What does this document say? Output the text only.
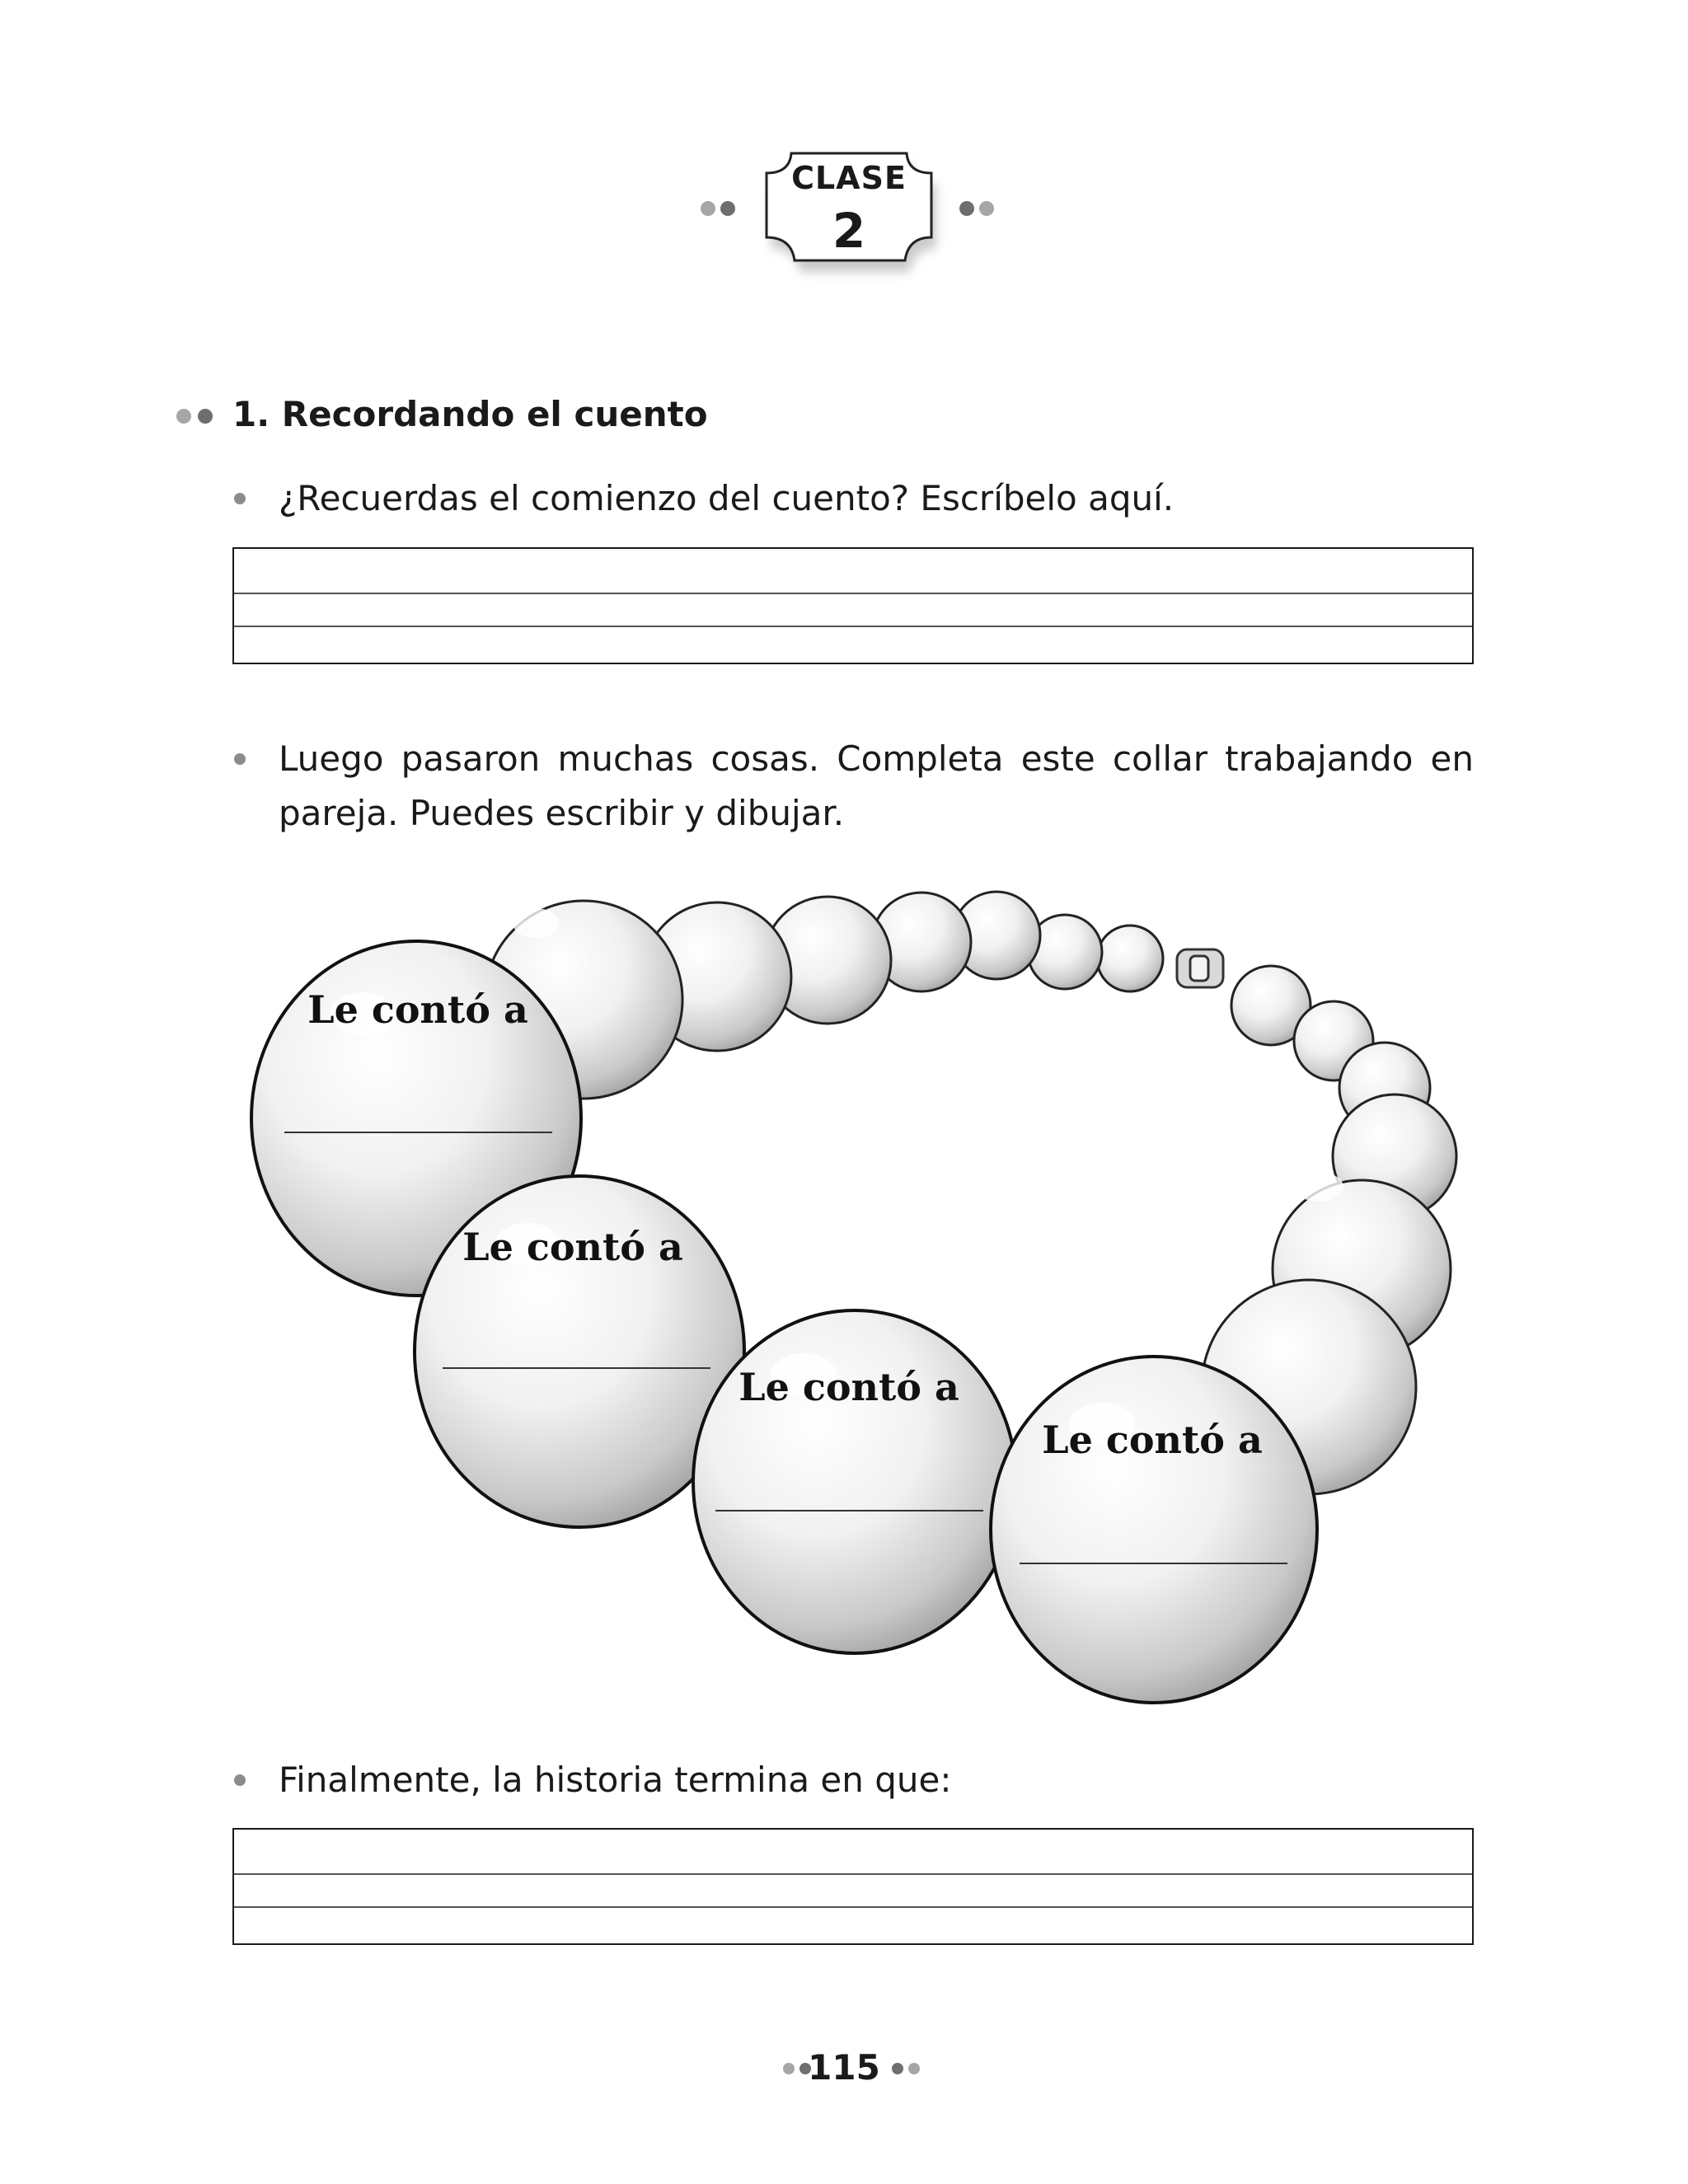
CLASE
2
1. Recordando el cuento
¿Recuerdas el comienzo del cuento? Escríbelo aquí.
Luego pasaron muchas cosas. Completa este collar trabajando en pareja. Puedes escribir y dibujar.
Le contó a
Le contó a
Le contó a
Le contó a
Finalmente, la historia termina en que:
115
